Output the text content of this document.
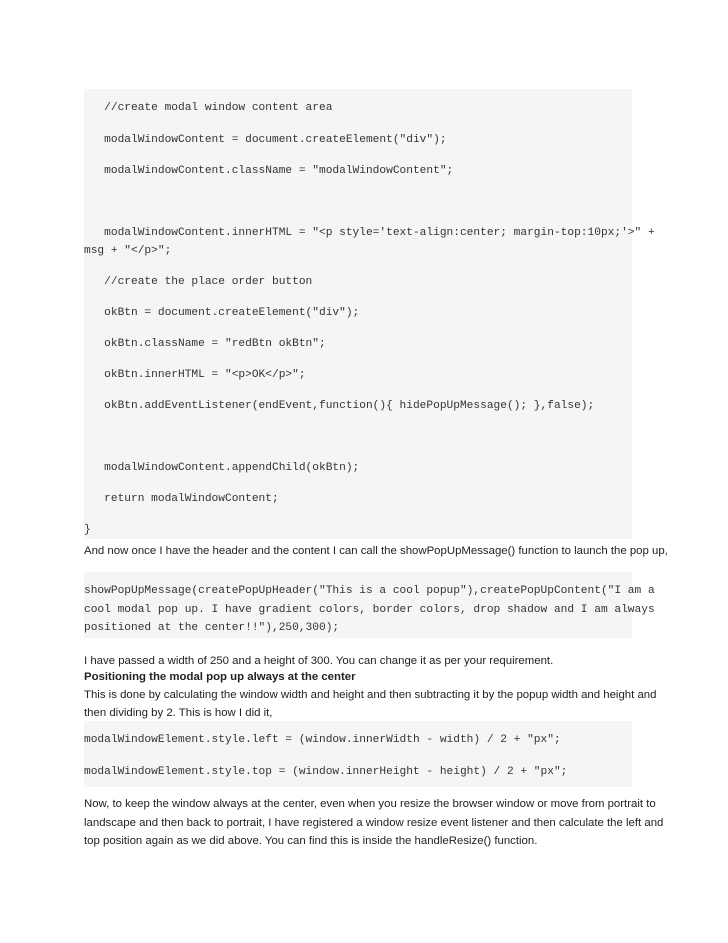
//create modal window content area
modalWindowContent = document.createElement("div");
modalWindowContent.className = "modalWindowContent";
modalWindowContent.innerHTML = "<p style='text-align:center; margin-top:10px;'>" +
msg + "</p>";
//create the place order button
okBtn = document.createElement("div");
okBtn.className = "redBtn okBtn";
okBtn.innerHTML = "<p>OK</p>";
okBtn.addEventListener(endEvent,function(){ hidePopUpMessage(); },false);
modalWindowContent.appendChild(okBtn);
return modalWindowContent;
}
And now once I have the header and the content I can call the showPopUpMessage() function to launch the pop up,
showPopUpMessage(createPopUpHeader("This is a cool popup"),createPopUpContent("I am a
cool modal pop up. I have gradient colors, border colors, drop shadow and I am always
positioned at the center!!"),250,300);
I have passed a width of 250 and a height of 300. You can change it as per your requirement.
Positioning the modal pop up always at the center
This is done by calculating the window width and height and then subtracting it by the popup width and height and
then dividing by 2. This is how I did it,
modalWindowElement.style.left = (window.innerWidth - width) / 2 + "px";
modalWindowElement.style.top = (window.innerHeight - height) / 2 + "px";
Now, to keep the window always at the center, even when you resize the browser window or move from portrait to
landscape and then back to portrait, I have registered a window resize event listener and then calculate the left and
top position again as we did above. You can find this is inside the handleResize() function.
